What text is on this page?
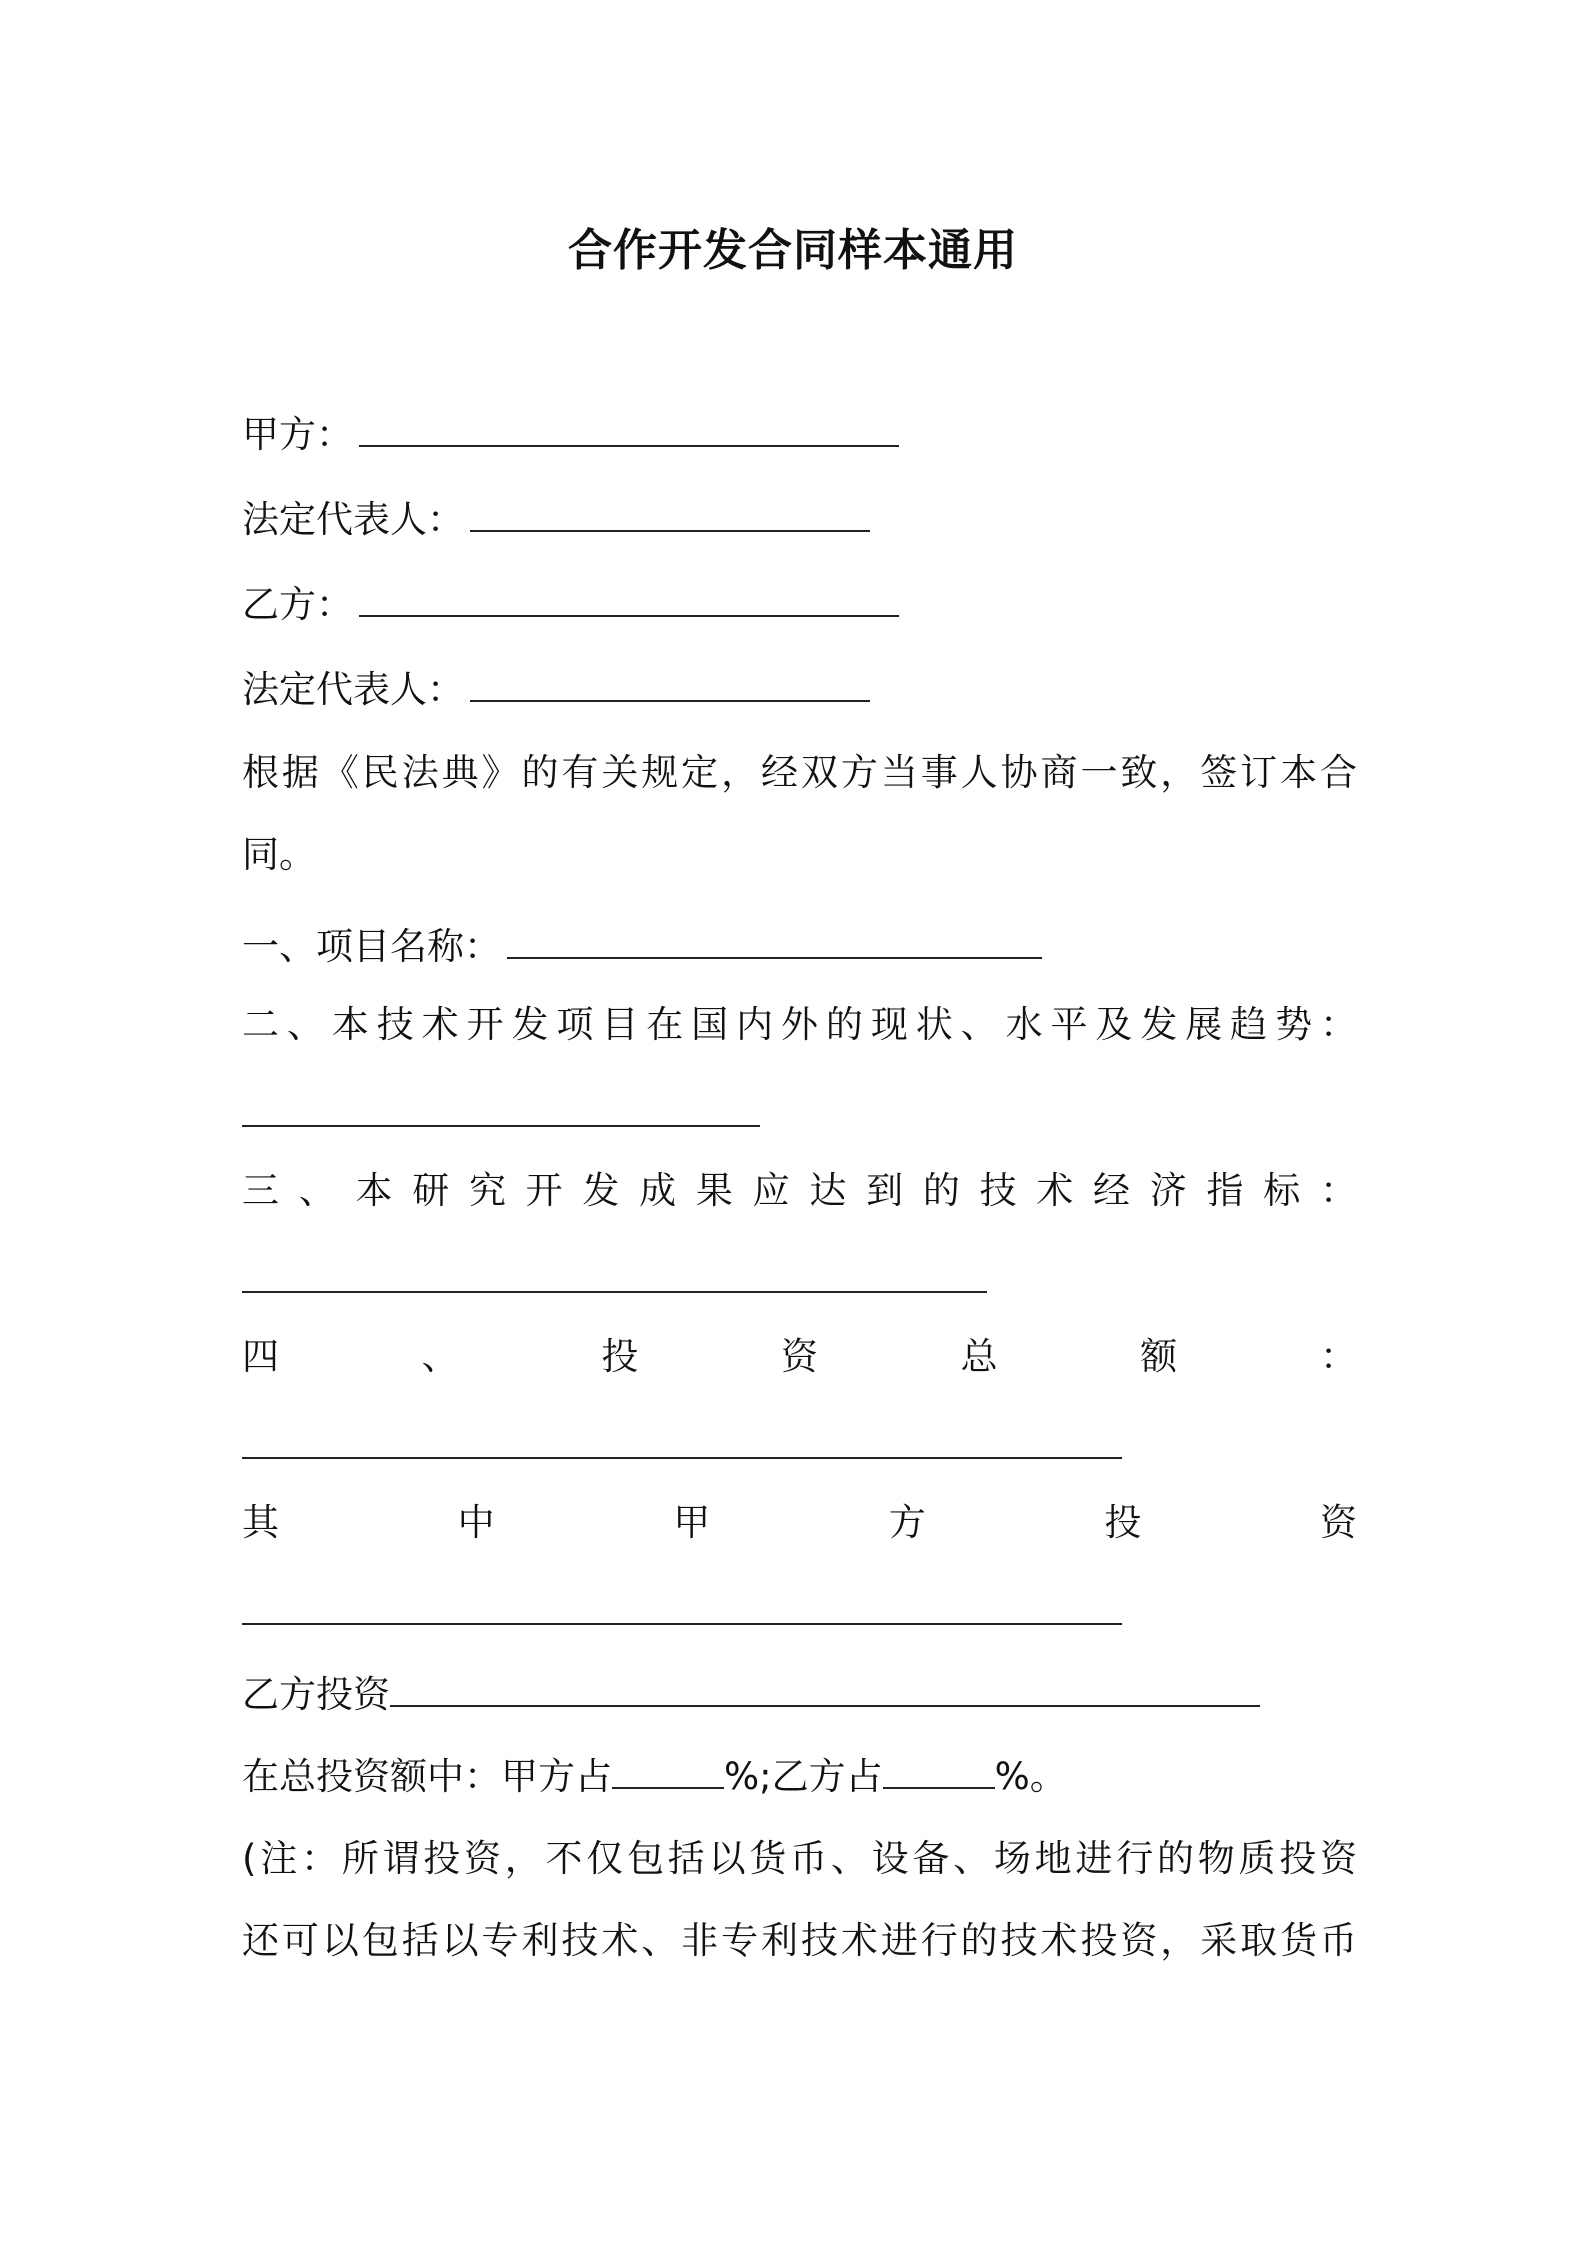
合作开发合同样本通用
甲方：
法定代表人：
乙方：
法定代表人：
根据《民法典》的有关规定，经双方当事人协商一致，签订本合
同。
一、项目名称：
二、本技术开发项目在国内外的现状、水平及发展趋势：
三、本研究开发成果应达到的技术经济指标：
四	、	投	资	总	额	：
其	中	甲	方	投	资
乙方投资
在总投资额中：甲方占	%;乙方占	%。
(注：所谓投资，不仅包括以货币、设备、场地进行的物质投资
还可以包括以专利技术、非专利技术进行的技术投资，采取货币
